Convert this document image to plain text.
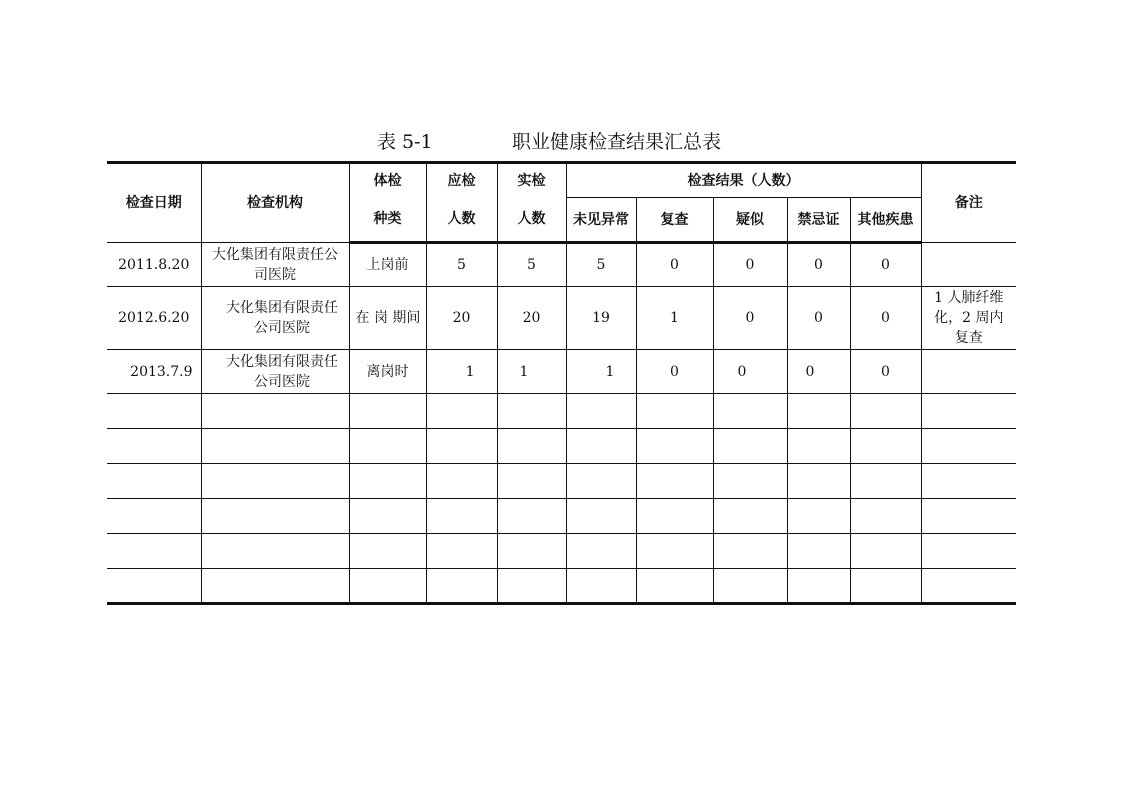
表 5-1	职业健康检查结果汇总表
检查日期	检查机构	体检	应检	实检	检查结果（人数）					备注
		种类	人数	人数	未见异常	复查	疑似	禁忌证	其他疾患	
2011.8.20	大化集团有限责任公司医院	上岗前	5	5	5	0	0	0	0	
2012.6.20	大化集团有限责任公司医院	在 岗 期间	20	20	19	1	0	0	0	1 人肺纤维化，2 周内复查
2013.7.9	大化集团有限责任公司医院	离岗时	1	1	1	0	0	0	0	
